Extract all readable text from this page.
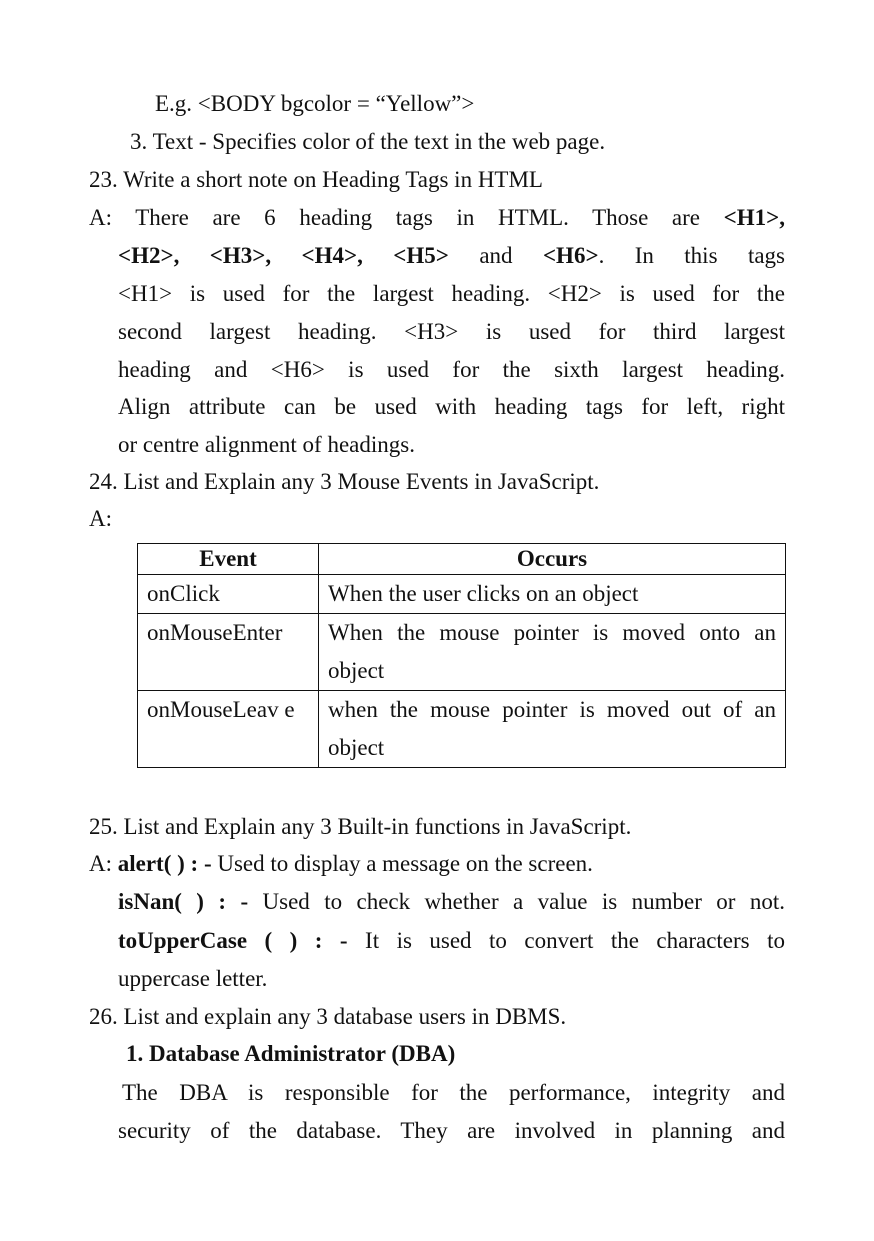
E.g. <BODY bgcolor = “Yellow”>
3. Text - Specifies color of the text in the web page.
23. Write a short note on Heading Tags in HTML
A: There are 6 heading tags in HTML. Those are <H1>,
<H2>, <H3>, <H4>, <H5> and <H6>. In this tags
<H1> is used for the largest heading. <H2> is used for the
second largest heading. <H3> is used for third largest
heading and <H6> is used for the sixth largest heading.
Align attribute can be used with heading tags for left, right
or centre alignment of headings.
24. List and Explain any 3 Mouse Events in JavaScript.
A:
Event	Occurs
onClick	When the user clicks on an object
onMouseEnter	When the mouse pointer is moved onto an object
onMouseLeav e	when the mouse pointer is moved out of an object
25. List and Explain any 3 Built-in functions in JavaScript.
A: alert( ) : - Used to display a message on the screen.
isNan( ) : - Used to check whether a value is number or not.
toUpperCase ( ) : - It is used to convert the characters to
uppercase letter.
26. List and explain any 3 database users in DBMS.
1. Database Administrator (DBA)
The DBA is responsible for the performance, integrity and
security of the database. They are involved in planning and
